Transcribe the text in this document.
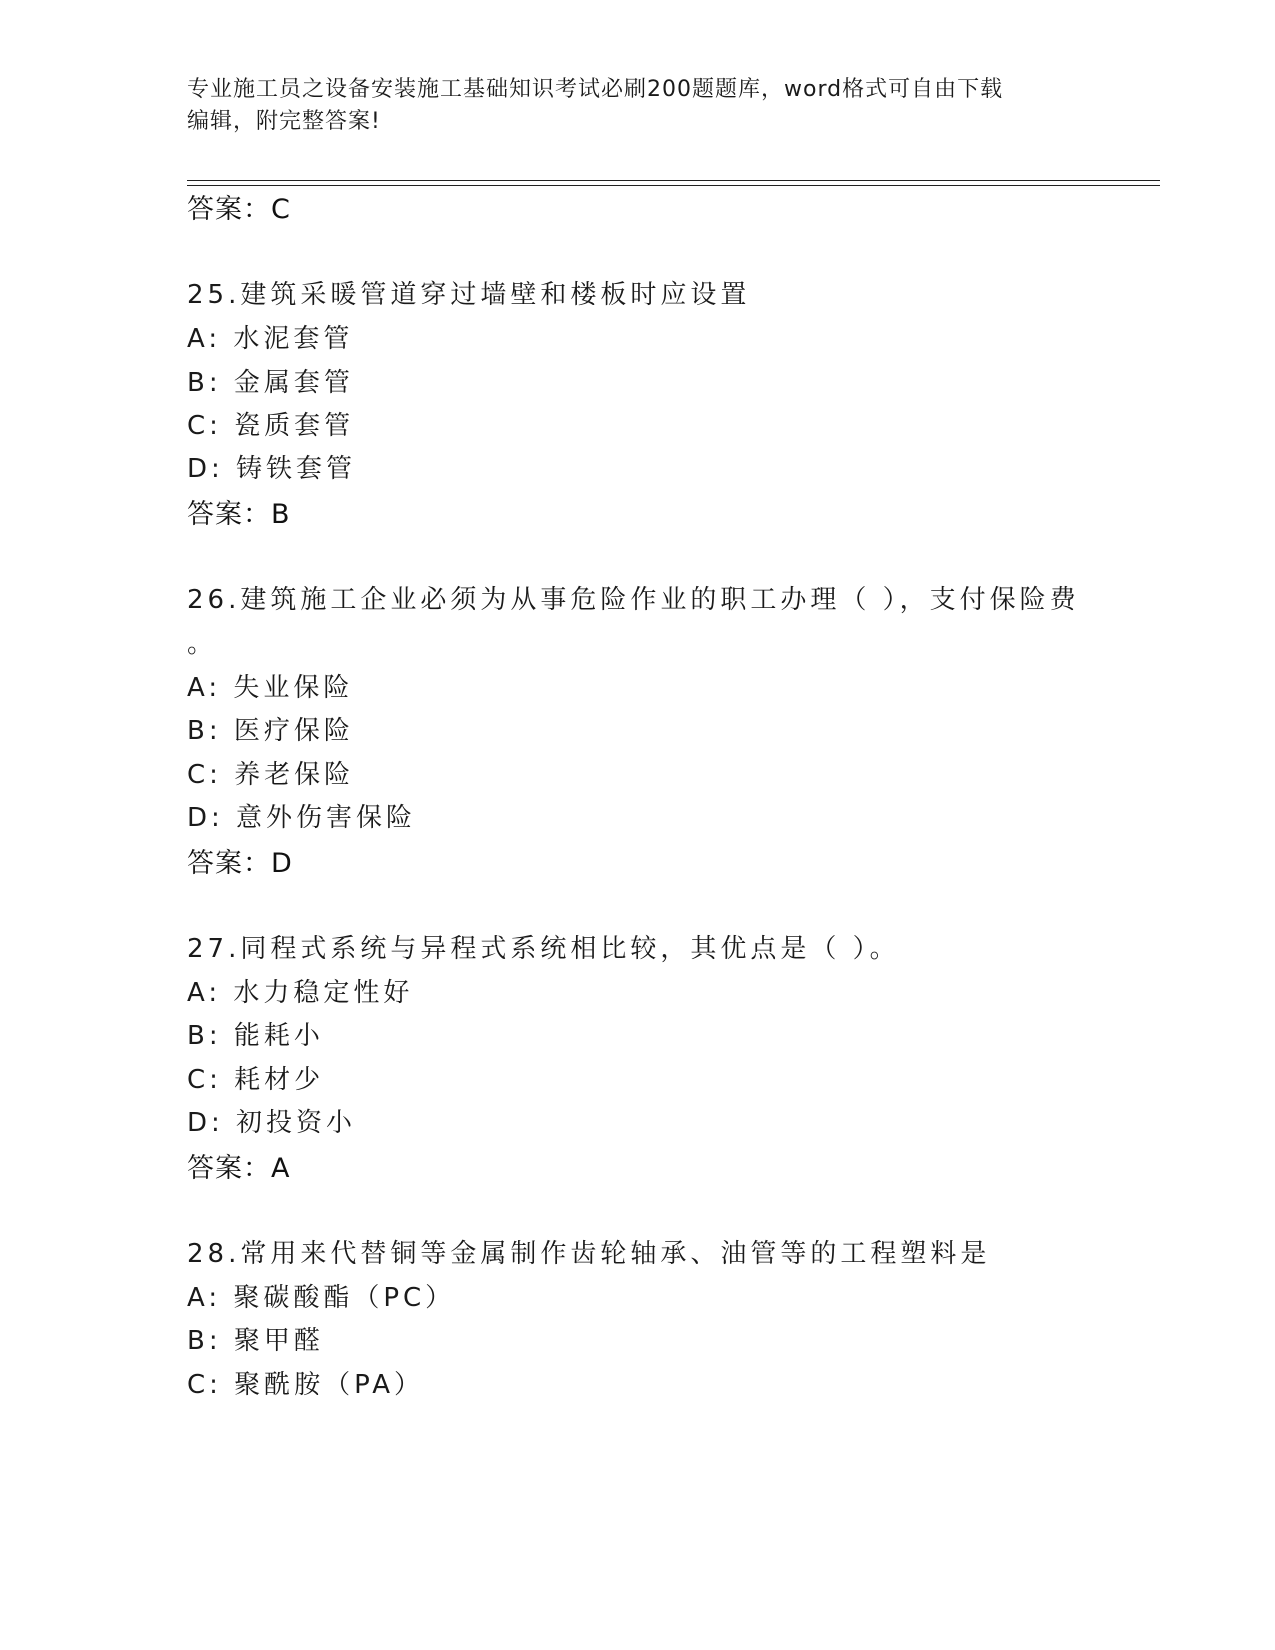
专业施工员之设备安装施工基础知识考试必刷200题题库，word格式可自由下载
编辑，附完整答案!
答案：C
25.建筑采暖管道穿过墙壁和楼板时应设置
A: 水泥套管
B: 金属套管
C: 瓷质套管
D: 铸铁套管
答案：B
26.建筑施工企业必须为从事危险作业的职工办理（ ），支付保险费
。
A: 失业保险
B: 医疗保险
C: 养老保险
D: 意外伤害保险
答案：D
27.同程式系统与异程式系统相比较，其优点是（ ）。
A: 水力稳定性好
B: 能耗小
C: 耗材少
D: 初投资小
答案：A
28.常用来代替铜等金属制作齿轮轴承、油管等的工程塑料是
A: 聚碳酸酯（PC）
B: 聚甲醛
C: 聚酰胺（PA）
